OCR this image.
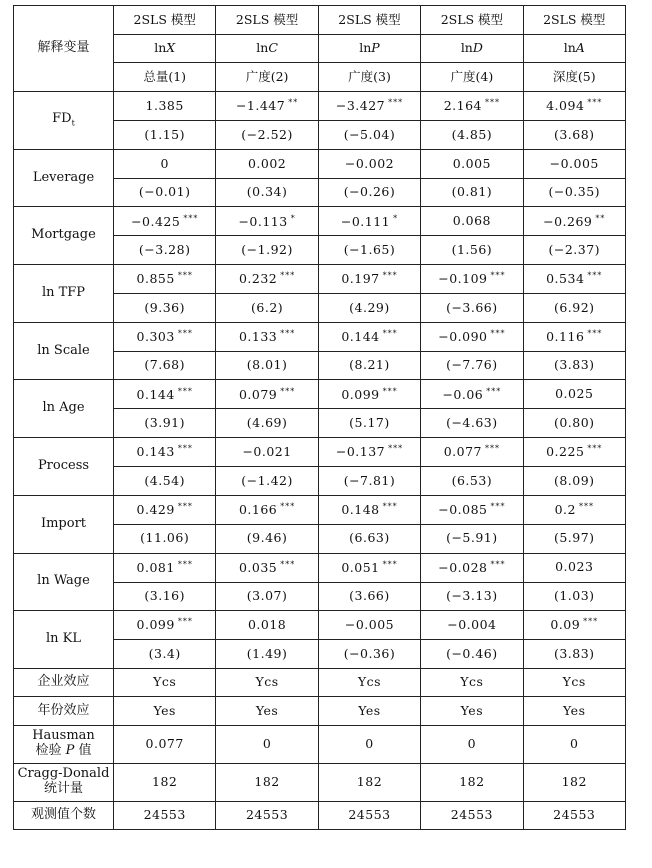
解释变量	2SLS 模型	2SLS 模型	2SLS 模型	2SLS 模型	2SLS 模型
	lnX	lnC	lnP	lnD	lnA
	总量(1)	广度(2)	广度(3)	广度(4)	深度(5)
$FD_t$	1.385	−1.447 **	−3.427 ***	2.164 ***	4.094 ***
	(1.15)	(−2.52)	(−5.04)	(4.85)	(3.68)
Leverage	0	0.002	−0.002	0.005	−0.005
	(−0.01)	(0.34)	(−0.26)	(0.81)	(−0.35)
Mortgage	−0.425 ***	−0.113 *	−0.111 *	0.068	−0.269 **
	(−3.28)	(−1.92)	(−1.65)	(1.56)	(−2.37)
ln TFP	0.855 ***	0.232 ***	0.197 ***	−0.109 ***	0.534 ***
	(9.36)	(6.2)	(4.29)	(−3.66)	(6.92)
ln Scale	0.303 ***	0.133 ***	0.144 ***	−0.090 ***	0.116 ***
	(7.68)	(8.01)	(8.21)	(−7.76)	(3.83)
ln Age	0.144 ***	0.079 ***	0.099 ***	−0.06 ***	0.025
	(3.91)	(4.69)	(5.17)	(−4.63)	(0.80)
Process	0.143 ***	−0.021	−0.137 ***	0.077 ***	0.225 ***
	(4.54)	(−1.42)	(−7.81)	(6.53)	(8.09)
Import	0.429 ***	0.166 ***	0.148 ***	−0.085 ***	0.2 ***
	(11.06)	(9.46)	(6.63)	(−5.91)	(5.97)
ln Wage	0.081 ***	0.035 ***	0.051 ***	−0.028 ***	0.023
	(3.16)	(3.07)	(3.66)	(−3.13)	(1.03)
ln KL	0.099 ***	0.018	−0.005	−0.004	0.09 ***
	(3.4)	(1.49)	(−0.36)	(−0.46)	(3.83)
企业效应	Ycs	Ycs	Ycs	Ycs	Ycs
年份效应	Yes	Yes	Yes	Yes	Yes

Hausman
检验 P 值	0.077	0	0	0	0

Cragg-Donald
统计量	182	182	182	182	182
观测值个数	24553	24553	24553	24553	24553
